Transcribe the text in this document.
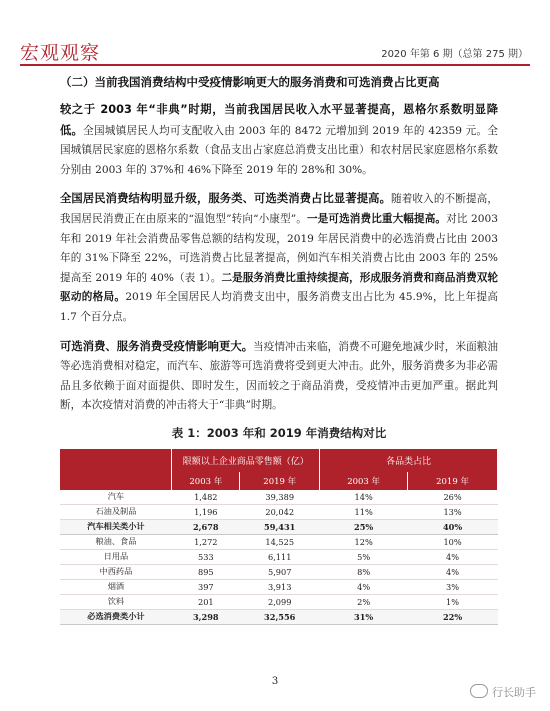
宏观观察	2020 年第 6 期（总第 275 期）
（二）当前我国消费结构中受疫情影响更大的服务消费和可选消费占比更高

较之于 2003 年“非典”时期，当前我国居民收入水平显著提高，恩格尔系数明显降低。全国城镇居民人均可支配收入由 2003 年的 8472 元增加到 2019 年的 42359 元。全国城镇居民家庭的恩格尔系数（食品支出占家庭总消费支出比重）和农村居民家庭恩格尔系数分别由 2003 年的 37%和 46%下降至 2019 年的 28%和 30%。

全国居民消费结构明显升级，服务类、可选类消费占比显著提高。随着收入的不断提高，我国居民消费正在由原来的“温饱型”转向“小康型”。一是可选消费比重大幅提高。对比 2003 年和 2019 年社会消费品零售总额的结构发现，2019 年居民消费中的必选消费占比由 2003 年的 31%下降至 22%，可选消费占比显著提高，例如汽车相关消费占比由 2003 年的 25%提高至 2019 年的 40%（表 1）。二是服务消费比重持续提高，形成服务消费和商品消费双轮驱动的格局。2019 年全国居民人均消费支出中，服务消费支出占比为 45.9%，比上年提高 1.7 个百分点。

可选消费、服务消费受疫情影响更大。当疫情冲击来临，消费不可避免地减少时，米面粮油等必选消费相对稳定，而汽车、旅游等可选消费将受到更大冲击。此外，服务消费多为非必需品且多依赖于面对面提供、即时发生，因而较之于商品消费，受疫情冲击更加严重。据此判断，本次疫情对消费的冲击将大于“非典”时期。

表 1：2003 年和 2019 年消费结构对比
	限额以上企业商品零售额（亿）		各品类占比	
	2003 年	2019 年	2003 年	2019 年
汽车	1,482	39,389	14%	26%
石油及制品	1,196	20,042	11%	13%
汽车相关类小计	2,678	59,431	25%	40%
粮油、食品	1,272	14,525	12%	10%
日用品	533	6,111	5%	4%
中西药品	895	5,907	8%	4%
烟酒	397	3,913	4%	3%
饮料	201	2,099	2%	1%
必选消费类小计	3,298	32,556	31%	22%
3
行长助手
